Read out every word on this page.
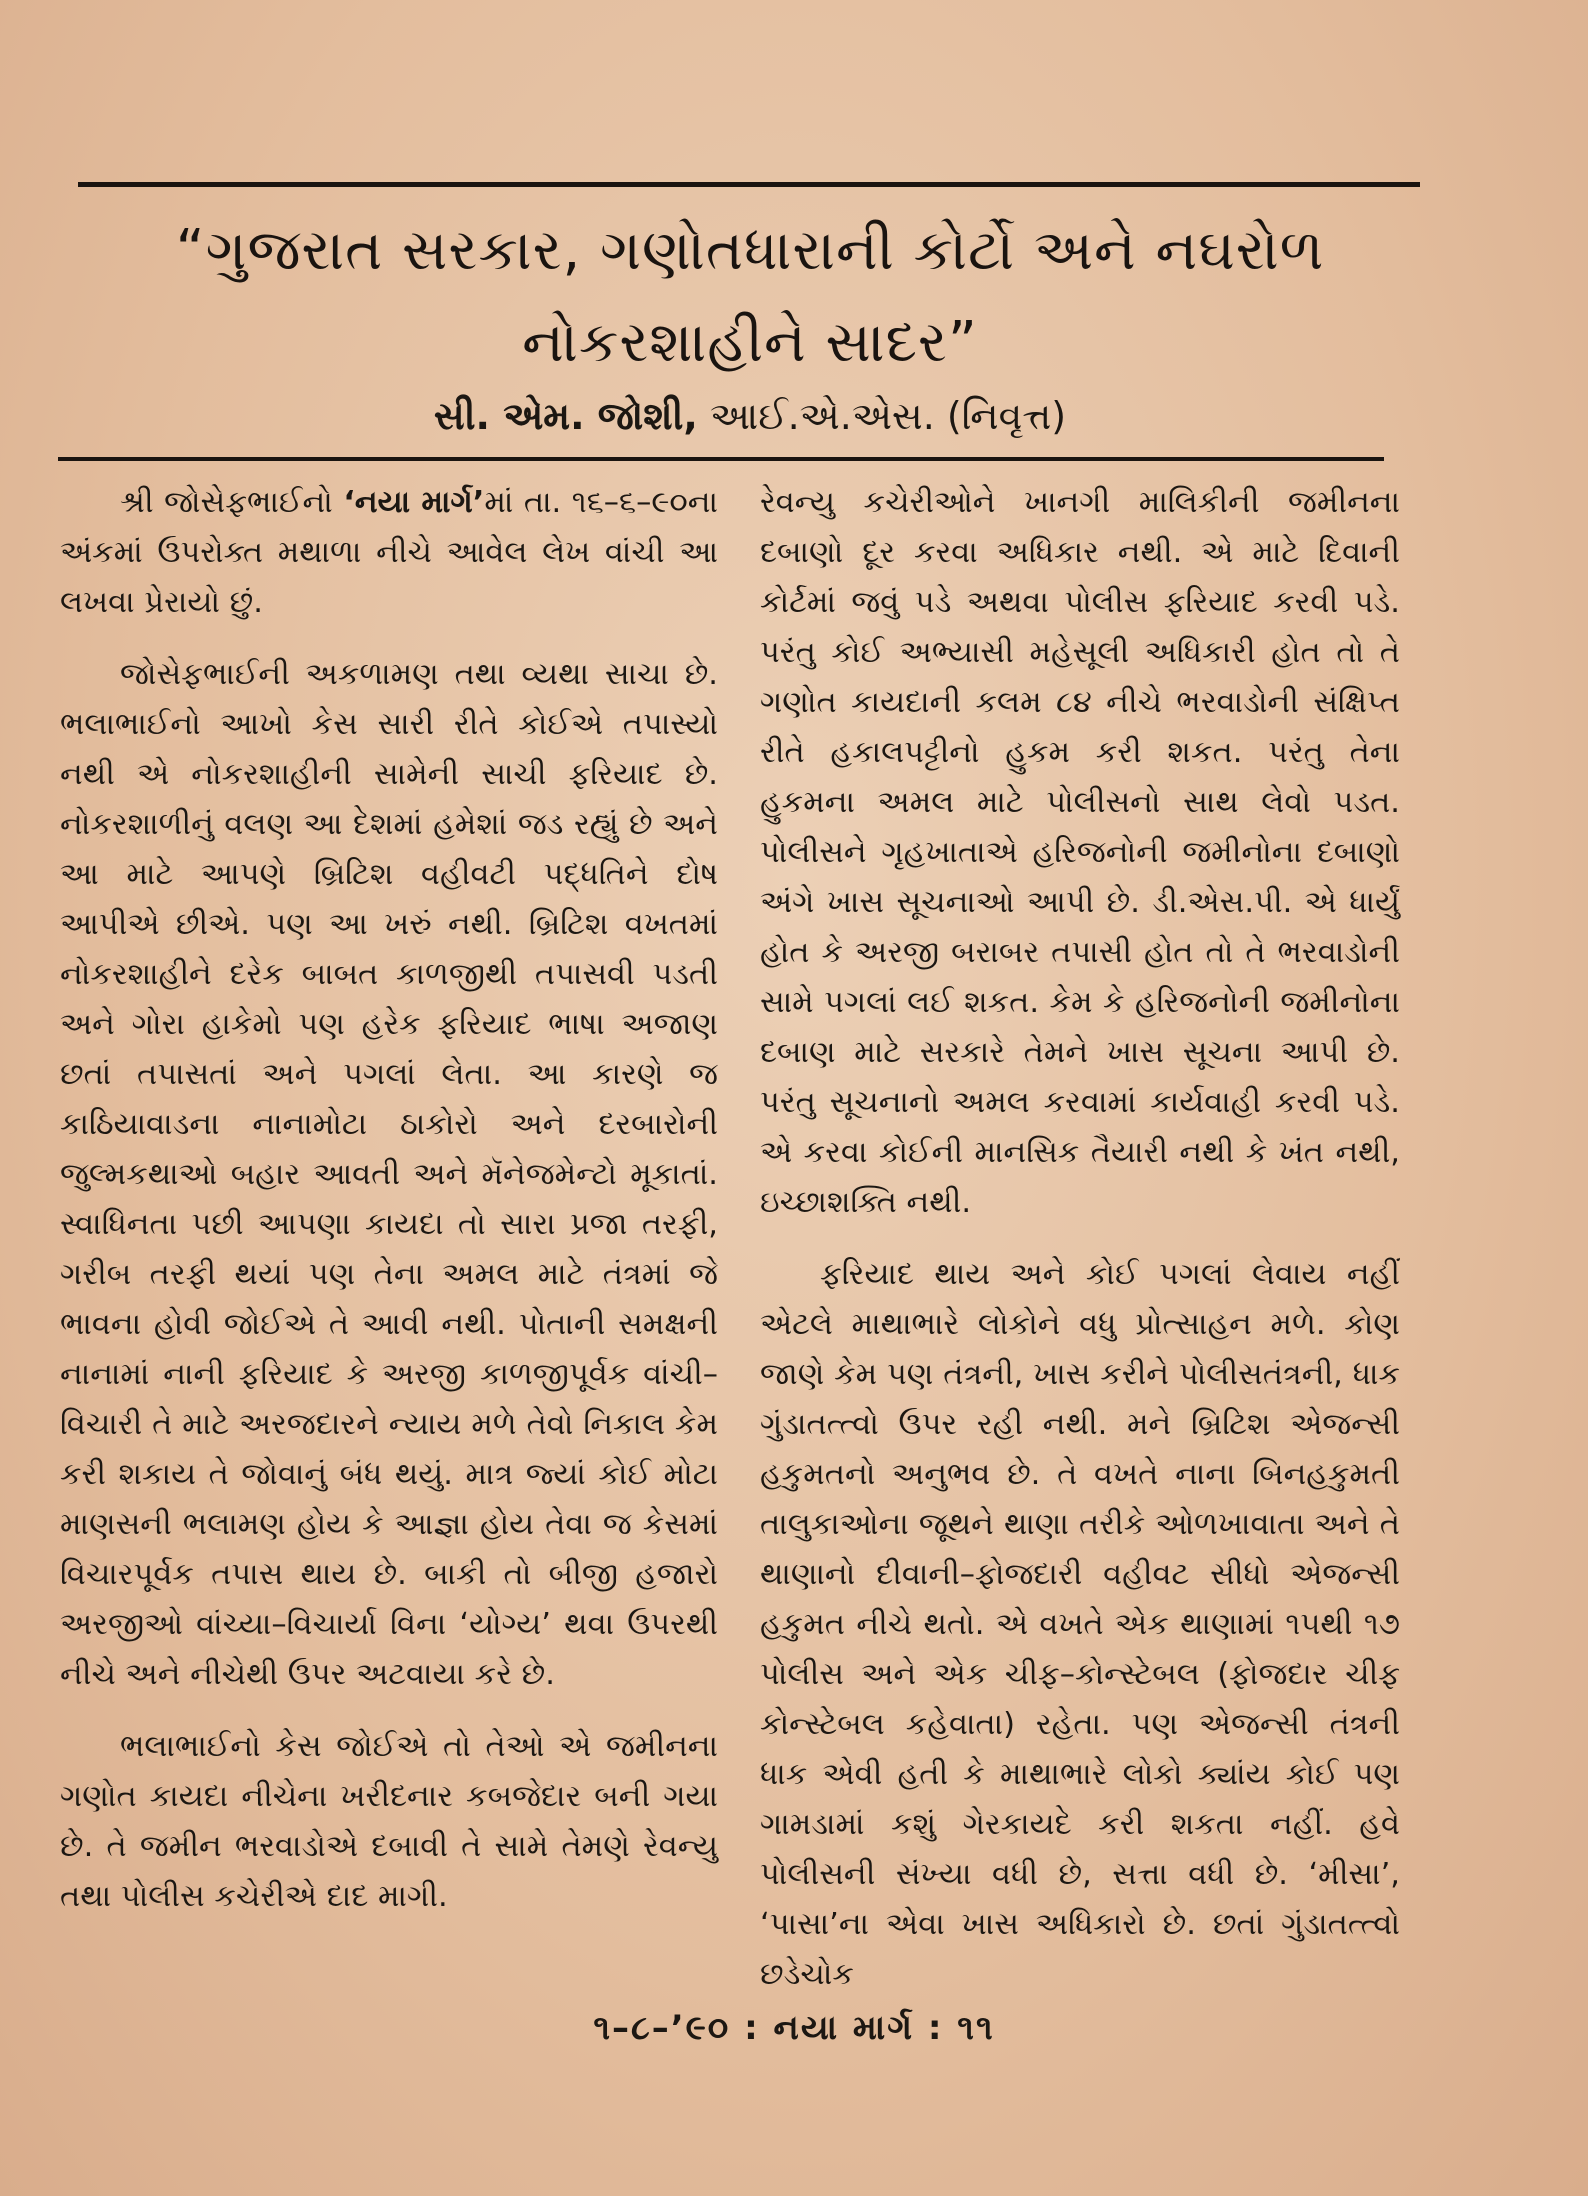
“ગુજરાત સરકાર, ગણોતધારાની કોર્ટો અને નઘરોળ
નોકરશાહીને સાદર”
સી. એમ. જોશી, આઈ.એ.એસ. (નિવૃત્ત)

શ્રી જોસેફભાઈનો ‘નયા માર્ગ’માં તા. ૧૬–૬–૯૦ના અંકમાં ઉપરોક્ત મથાળા નીચે આવેલ લેખ વાંચી આ લખવા પ્રેરાયો છું.

જોસેફભાઈની અકળામણ તથા વ્યથા સાચા છે. ભલાભાઈનો આખો કેસ સારી રીતે કોઈએ તપાસ્યો નથી એ નોકરશાહીની સામેની સાચી ફરિયાદ છે. નોકરશાળીનું વલણ આ દેશમાં હમેશાં જડ રહ્યું છે અને આ માટે આપણે બ્રિટિશ વહીવટી પદ્ધતિને દોષ આપીએ છીએ. પણ આ ખરું નથી. બ્રિટિશ વખતમાં નોકરશાહીને દરેક બાબત કાળજીથી તપાસવી પડતી અને ગોરા હાકેમો પણ હરેક ફરિયાદ ભાષા અજાણ છતાં તપાસતાં અને પગલાં લેતા. આ કારણે જ કાઠિયાવાડના નાનામોટા ઠાકોરો અને દરબારોની જુલ્મકથાઓ બહાર આવતી અને મૅનેજમેન્ટો મૂકાતાં. સ્વાધિનતા પછી આપણા કાયદા તો સારા પ્રજા તરફી, ગરીબ તરફી થયાં પણ તેના અમલ માટે તંત્રમાં જે ભાવના હોવી જોઈએ તે આવી નથી. પોતાની સમક્ષની નાનામાં નાની ફરિયાદ કે અરજી કાળજીપૂર્વક વાંચી–વિચારી તે માટે અરજદારને ન્યાય મળે તેવો નિકાલ કેમ કરી શકાય તે જોવાનું બંધ થયું. માત્ર જ્યાં કોઈ મોટા માણસની ભલામણ હોય કે આજ્ઞા હોય તેવા જ કેસમાં વિચારપૂર્વક તપાસ થાય છે. બાકી તો બીજી હજારો અરજીઓ વાંચ્યા–વિચાર્યા વિના ‘યોગ્ય’ થવા ઉપરથી નીચે અને નીચેથી ઉપર અટવાયા કરે છે.

ભલાભાઈનો કેસ જોઈએ તો તેઓ એ જમીનના ગણોત કાયદા નીચેના ખરીદનાર કબજેદાર બની ગયા છે. તે જમીન ભરવાડોએ દબાવી તે સામે તેમણે રેવન્યુ તથા પોલીસ કચેરીએ દાદ માગી.

રેવન્યુ કચેરીઓને ખાનગી માલિકીની જમીનના દબાણો દૂર કરવા અધિકાર નથી. એ માટે દિવાની કોર્ટમાં જવું પડે અથવા પોલીસ ફરિયાદ કરવી પડે. પરંતુ કોઈ અભ્યાસી મહેસૂલી અધિકારી હોત તો તે ગણોત કાયદાની કલમ ૮૪ નીચે ભરવાડોની સંક્ષિપ્ત રીતે હકાલપટ્ટીનો હુકમ કરી શકત. પરંતુ તેના હુકમના અમલ માટે પોલીસનો સાથ લેવો પડત. પોલીસને ગૃહખાતાએ હરિજનોની જમીનોના દબાણો અંગે ખાસ સૂચનાઓ આપી છે. ડી.એસ.પી. એ ધાર્યું હોત કે અરજી બરાબર તપાસી હોત તો તે ભરવાડોની સામે પગલાં લઈ શકત. કેમ કે હરિજનોની જમીનોના દબાણ માટે સરકારે તેમને ખાસ સૂચના આપી છે. પરંતુ સૂચનાનો અમલ કરવામાં કાર્યવાહી કરવી પડે. એ કરવા કોઈની માનસિક તૈયારી નથી કે ખંત નથી, ઇચ્છાશક્તિ નથી.

ફરિયાદ થાય અને કોઈ પગલાં લેવાય નહીં એટલે માથાભારે લોકોને વધુ પ્રોત્સાહન મળે. કોણ જાણે કેમ પણ તંત્રની, ખાસ કરીને પોલીસતંત્રની, ધાક ગુંડાતત્ત્વો ઉપર રહી નથી. મને બ્રિટિશ એજન્સી હકુમતનો અનુભવ છે. તે વખતે નાના બિનહકુમતી તાલુકાઓના જૂથને થાણા તરીકે ઓળખાવાતા અને તે થાણાનો દીવાની–ફોજદારી વહીવટ સીધો એજન્સી હકુમત નીચે થતો. એ વખતે એક થાણામાં ૧૫થી ૧૭ પોલીસ અને એક ચીફ–કોન્સ્ટેબલ (ફોજદાર ચીફ કોન્સ્ટેબલ કહેવાતા) રહેતા. પણ એજન્સી તંત્રની ધાક એવી હતી કે માથાભારે લોકો ક્યાંય કોઈ પણ ગામડામાં કશું ગેરકાયદે કરી શકતા નહીં. હવે પોલીસની સંખ્યા વધી છે, સત્તા વધી છે. ‘મીસા’, ‘પાસા’ના એવા ખાસ અધિકારો છે. છતાં ગુંડાતત્ત્વો છડેચોક

૧–૮–’૯૦ : નયા માર્ગ : ૧૧
